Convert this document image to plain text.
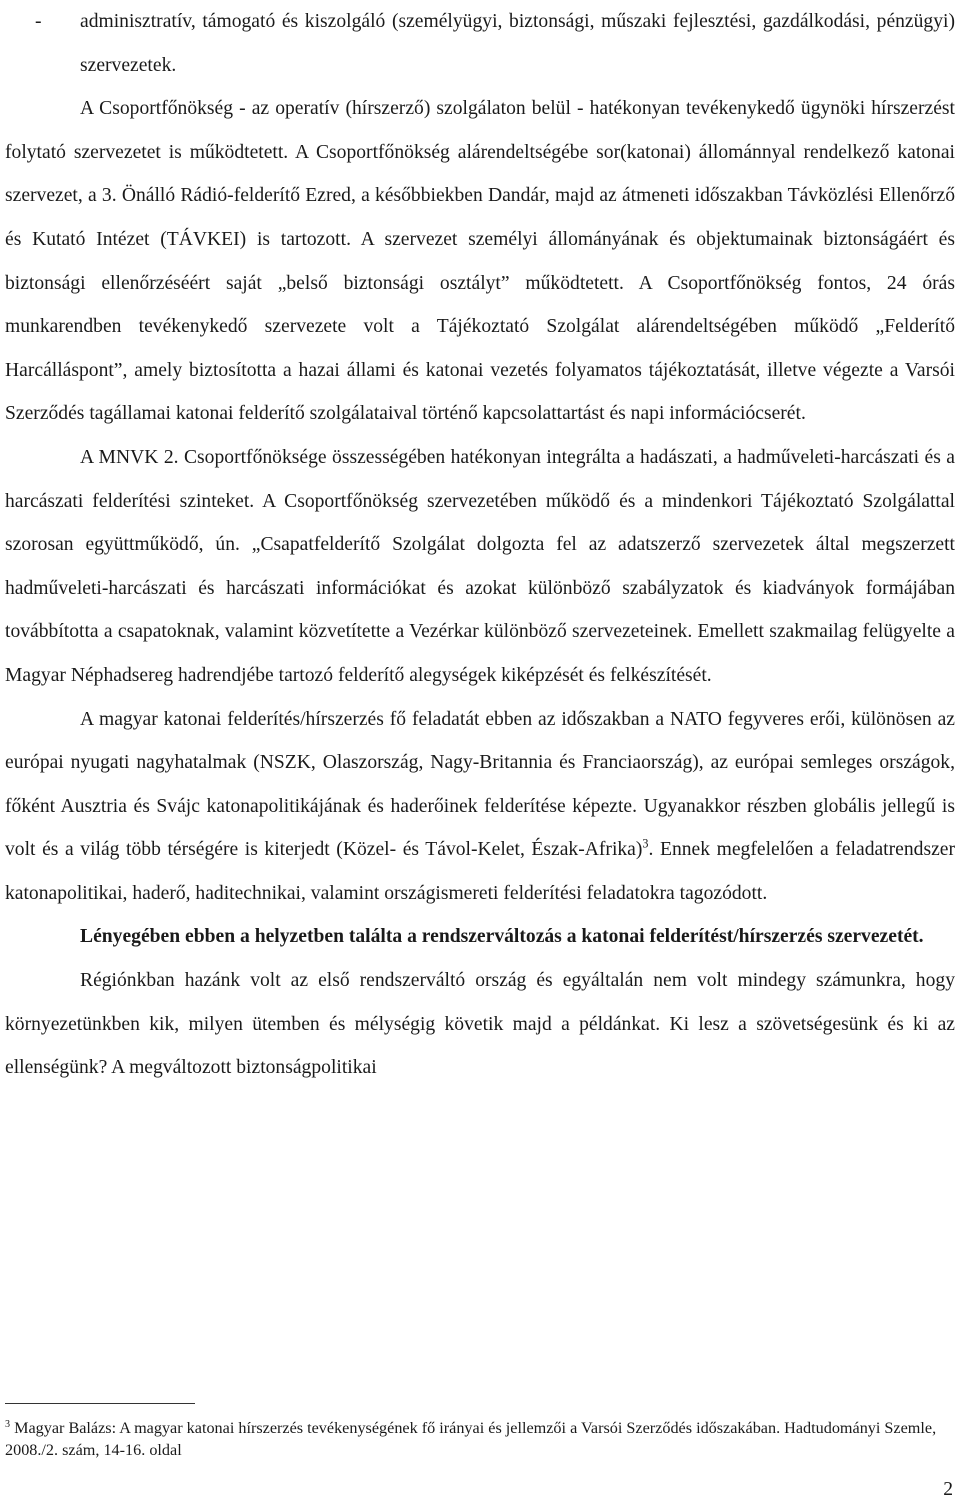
- adminisztratív, támogató és kiszolgáló (személyügyi, biztonsági, műszaki fejlesztési, gazdálkodási, pénzügyi) szervezetek.

A Csoportfőnökség - az operatív (hírszerző) szolgálaton belül - hatékonyan tevékenykedő ügynöki hírszerzést folytató szervezetet is működtetett. A Csoportfőnökség alárendeltségébe sor(katonai) állománnyal rendelkező katonai szervezet, a 3. Önálló Rádió-felderítő Ezred, a későbbiekben Dandár, majd az átmeneti időszakban Távközlési Ellenőrző és Kutató Intézet (TÁVKEI) is tartozott. A szervezet személyi állományának és objektumainak biztonságáért és biztonsági ellenőrzéséért saját „belső biztonsági osztályt” működtetett. A Csoportfőnökség fontos, 24 órás munkarendben tevékenykedő szervezete volt a Tájékoztató Szolgálat alárendeltségében működő „Felderítő Harcálláspont”, amely biztosította a hazai állami és katonai vezetés folyamatos tájékoztatását, illetve végezte a Varsói Szerződés tagállamai katonai felderítő szolgálataival történő kapcsolattartást és napi információcserét.

A MNVK 2. Csoportfőnöksége összességében hatékonyan integrálta a hadászati, a hadműveleti-harcászati és a harcászati felderítési szinteket. A Csoportfőnökség szervezetében működő és a mindenkori Tájékoztató Szolgálattal szorosan együttműködő, ún. „Csapatfelderítő Szolgálat dolgozta fel az adatszerző szervezetek által megszerzett hadműveleti-harcászati és harcászati információkat és azokat különböző szabályzatok és kiadványok formájában továbbította a csapatoknak, valamint közvetítette a Vezérkar különböző szervezeteinek. Emellett szakmailag felügyelte a Magyar Néphadsereg hadrendjébe tartozó felderítő alegységek kiképzését és felkészítését.

A magyar katonai felderítés/hírszerzés fő feladatát ebben az időszakban a NATO fegyveres erői, különösen az európai nyugati nagyhatalmak (NSZK, Olaszország, Nagy-Britannia és Franciaország), az európai semleges országok, főként Ausztria és Svájc katonapolitikájának és haderőinek felderítése képezte. Ugyanakkor részben globális jellegű is volt és a világ több térségére is kiterjedt (Közel- és Távol-Kelet, Észak-Afrika)$^3$. Ennek megfelelően a feladatrendszer katonapolitikai, haderő, haditechnikai, valamint országismereti felderítési feladatokra tagozódott.

Lényegében ebben a helyzetben találta a rendszerváltozás a katonai felderítést/hírszerzés szervezetét.

Régiónkban hazánk volt az első rendszerváltó ország és egyáltalán nem volt mindegy számunkra, hogy környezetünkben kik, milyen ütemben és mélységig követik majd a példánkat. Ki lesz a szövetségesünk és ki az ellenségünk? A megváltozott biztonságpolitikai

$^3$ Magyar Balázs: A magyar katonai hírszerzés tevékenységének fő irányai és jellemzői a Varsói Szerződés időszakában. Hadtudományi Szemle, 2008./2. szám, 14-16. oldal
2
